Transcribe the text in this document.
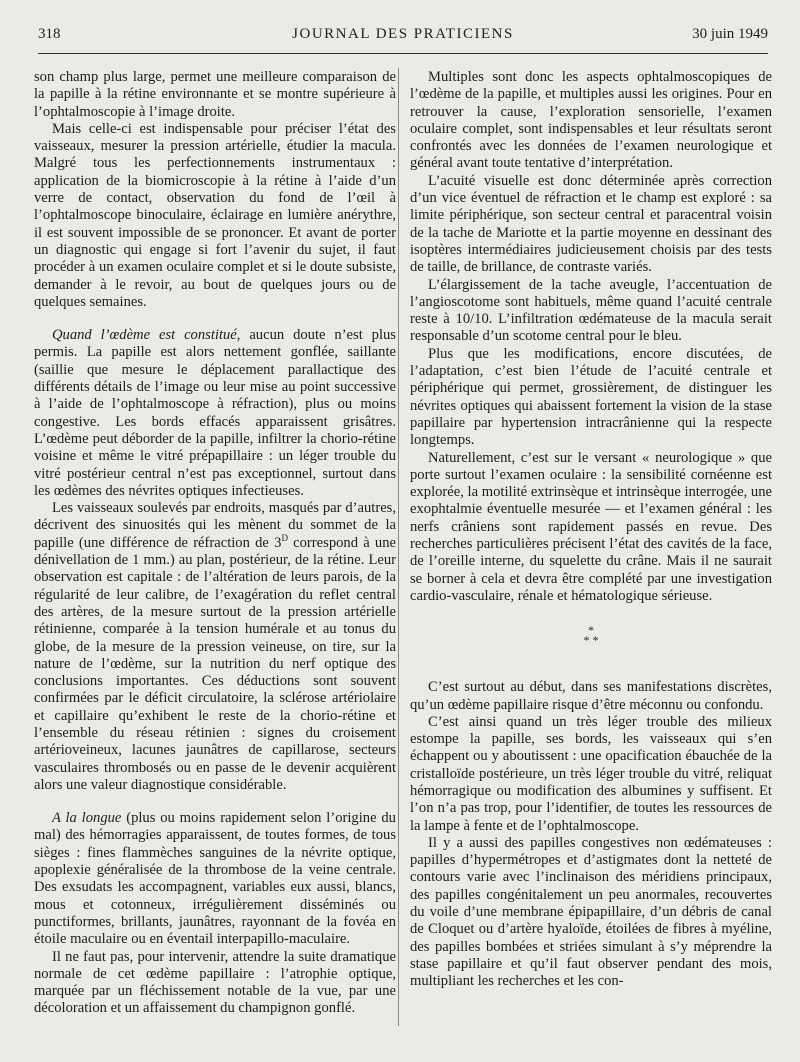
318	JOURNAL DES PRATICIENS	30 juin 1949

son champ plus large, permet une meilleure comparaison de la papille à la rétine environnante et se montre supérieure à l’ophtalmoscopie à l’image droite.

Mais celle-ci est indispensable pour préciser l’état des vaisseaux, mesurer la pression artérielle, étudier la macula. Malgré tous les perfectionnements instrumentaux : application de la biomicroscopie à la rétine à l’aide d’un verre de contact, observation du fond de l’œil à l’ophtalmoscope binoculaire, éclairage en lumière anérythre, il est souvent impossible de se prononcer. Et avant de porter un diagnostic qui engage si fort l’avenir du sujet, il faut procéder à un examen oculaire complet et si le doute subsiste, demander à le revoir, au bout de quelques jours ou de quelques semaines.

Quand l’œdème est constitué, aucun doute n’est plus permis. La papille est alors nettement gonflée, saillante (saillie que mesure le déplacement parallactique des différents détails de l’image ou leur mise au point successive à l’aide de l’ophtalmoscope à réfraction), plus ou moins congestive. Les bords effacés apparaissent grisâtres. L’œdème peut déborder de la papille, infiltrer la chorio-rétine voisine et même le vitré prépapillaire : un léger trouble du vitré postérieur central n’est pas exceptionnel, surtout dans les œdèmes des névrites optiques infectieuses.

Les vaisseaux soulevés par endroits, masqués par d’autres, décrivent des sinuosités qui les mènent du sommet de la papille (une différence de réfraction de $3^D$ correspond à une dénivellation de 1 mm.) au plan, postérieur, de la rétine. Leur observation est capitale : de l’altération de leurs parois, de la régularité de leur calibre, de l’exagération du reflet central des artères, de la mesure surtout de la pression artérielle rétinienne, comparée à la tension humérale et au tonus du globe, de la mesure de la pression veineuse, on tire, sur la nature de l’œdème, sur la nutrition du nerf optique des conclusions importantes. Ces déductions sont souvent confirmées par le déficit circulatoire, la sclérose artériolaire et capillaire qu’exhibent le reste de la chorio-rétine et l’ensemble du réseau rétinien : signes du croisement artérioveineux, lacunes jaunâtres de capillarose, secteurs vasculaires thrombosés ou en passe de le devenir acquièrent alors une valeur diagnostique considérable.

A la longue (plus ou moins rapidement selon l’origine du mal) des hémorragies apparaissent, de toutes formes, de tous sièges : fines flammèches sanguines de la névrite optique, apoplexie généralisée de la thrombose de la veine centrale. Des exsudats les accompagnent, variables eux aussi, blancs, mous et cotonneux, irrégulièrement disséminés ou punctiformes, brillants, jaunâtres, rayonnant de la fovéa en étoile maculaire ou en éventail interpapillo-maculaire.

Il ne faut pas, pour intervenir, attendre la suite dramatique normale de cet œdème papillaire : l’atrophie optique, marquée par un fléchissement notable de la vue, par une décoloration et un affaissement du champignon gonflé.

Multiples sont donc les aspects ophtalmoscopiques de l’œdème de la papille, et multiples aussi les origines. Pour en retrouver la cause, l’exploration sensorielle, l’examen oculaire complet, sont indispensables et leur résultats seront confrontés avec les données de l’examen neurologique et général avant toute tentative d’interprétation.

L’acuité visuelle est donc déterminée après correction d’un vice éventuel de réfraction et le champ est exploré : sa limite périphérique, son secteur central et paracentral voisin de la tache de Mariotte et la partie moyenne en dessinant des isoptères intermédiaires judicieusement choisis par des tests de taille, de brillance, de contraste variés.

L’élargissement de la tache aveugle, l’accentuation de l’angioscotome sont habituels, même quand l’acuité centrale reste à 10/10. L’infiltration œdémateuse de la macula serait responsable d’un scotome central pour le bleu.

Plus que les modifications, encore discutées, de l’adaptation, c’est bien l’étude de l’acuité centrale et périphérique qui permet, grossièrement, de distinguer les névrites optiques qui abaissent fortement la vision de la stase papillaire par hypertension intracrânienne qui la respecte longtemps.

Naturellement, c’est sur le versant « neurologique » que porte surtout l’examen oculaire : la sensibilité cornéenne est explorée, la motilité extrinsèque et intrinsèque interrogée, une exophtalmie éventuelle mesurée — et l’examen général : les nerfs crâniens sont rapidement passés en revue. Des recherches particulières précisent l’état des cavités de la face, de l’oreille interne, du squelette du crâne. Mais il ne saurait se borner à cela et devra être complété par une investigation cardio-vasculaire, rénale et hématologique sérieuse.

*
* *

C’est surtout au début, dans ses manifestations discrètes, qu’un œdème papillaire risque d’être méconnu ou confondu.

C’est ainsi quand un très léger trouble des milieux estompe la papille, ses bords, les vaisseaux qui s’en échappent ou y aboutissent : une opacification ébauchée de la cristalloïde postérieure, un très léger trouble du vitré, reliquat hémorragique ou modification des albumines y suffisent. Et l’on n’a pas trop, pour l’identifier, de toutes les ressources de la lampe à fente et de l’ophtalmoscope.

Il y a aussi des papilles congestives non œdémateuses : papilles d’hypermétropes et d’astigmates dont la netteté de contours varie avec l’inclinaison des méridiens principaux, des papilles congénitalement un peu anormales, recouvertes du voile d’une membrane épipapillaire, d’un débris de canal de Cloquet ou d’artère hyaloïde, étoilées de fibres à myéline, des papilles bombées et striées simulant à s’y méprendre la stase papillaire et qu’il faut observer pendant des mois, multipliant les recherches et les con-
